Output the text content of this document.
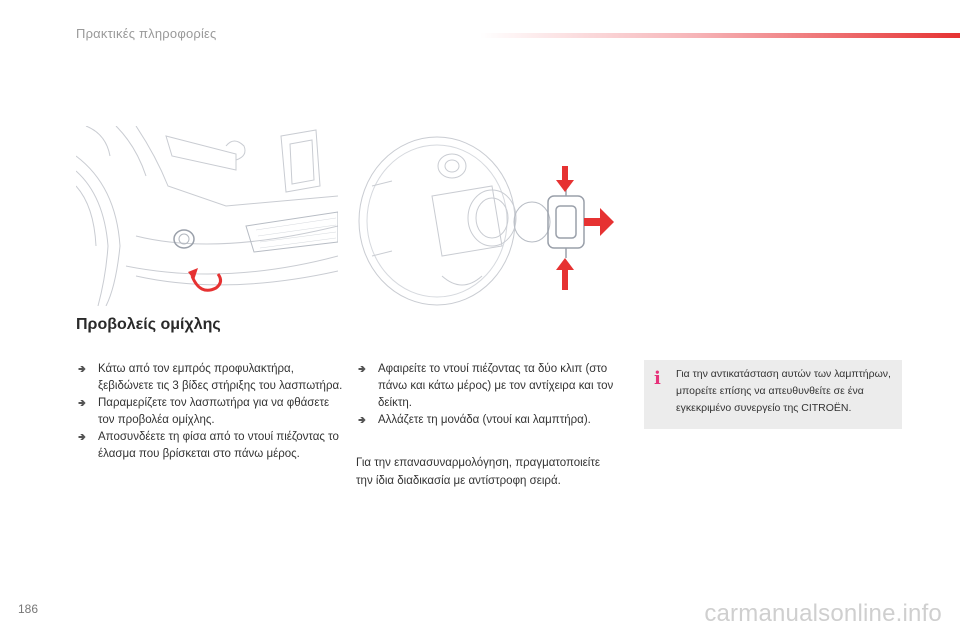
Πρακτικές πληροφορίες
Προβολείς ομίχλης
🢂 Κάτω από τον εμπρός προφυλακτήρα, ξεβιδώνετε τις 3 βίδες στήριξης του λασπωτήρα.
🢂 Παραμερίζετε τον λασπωτήρα για να φθάσετε τον προβολέα ομίχλης.
🢂 Αποσυνδέετε τη φίσα από το ντουί πιέζοντας το έλασμα που βρίσκεται στο πάνω μέρος.
🢂 Αφαιρείτε το ντουί πιέζοντας τα δύο κλιπ (στο πάνω και κάτω μέρος) με τον αντίχειρα και τον δείκτη.
🢂 Αλλάζετε τη μονάδα (ντουί και λαμπτήρα).
Για την επανασυναρμολόγηση, πραγματοποιείτε την ίδια διαδικασία με αντίστροφη σειρά.
i	Για την αντικατάσταση αυτών των λαμπτήρων, μπορείτε επίσης να απευθυνθείτε σε ένα εγκεκριμένο συνεργείο της CITROËN.
186	carmanualsonline.info
